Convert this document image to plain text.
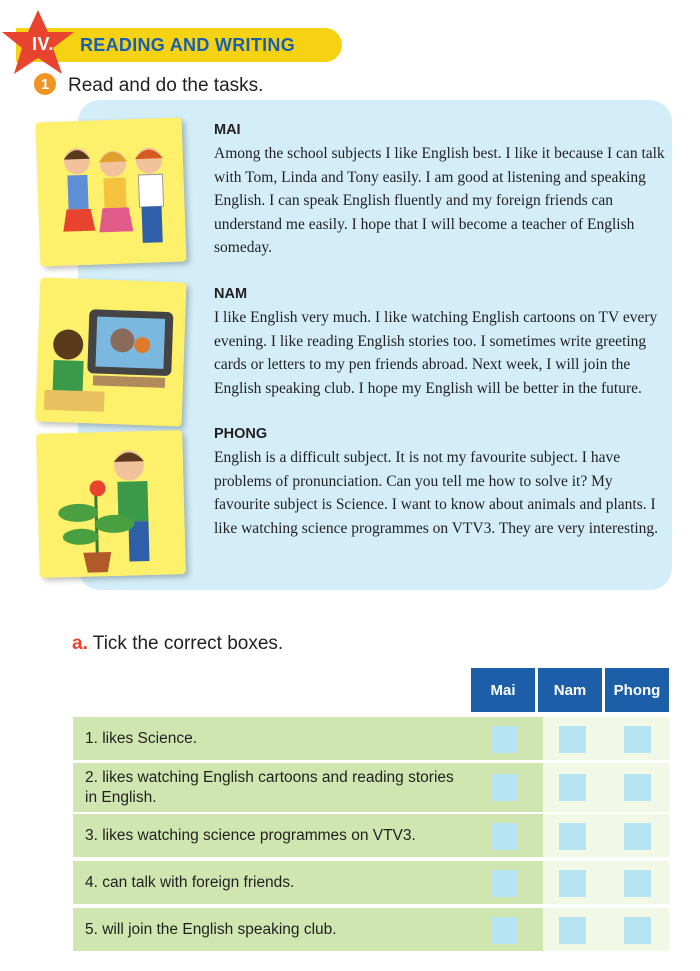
IV. READING AND WRITING
1 Read and do the tasks.
MAI
Among the school subjects I like English best. I like it because I can talk with Tom, Linda and Tony easily. I am good at listening and speaking English. I can speak English fluently and my foreign friends can understand me easily. I hope that I will become a teacher of English someday.
NAM
I like English very much. I like watching English cartoons on TV every evening. I like reading English stories too. I sometimes write greeting cards or letters to my pen friends abroad. Next week, I will join the English speaking club. I hope my English will be better in the future.
PHONG
English is a difficult subject. It is not my favourite subject. I have problems of pronunciation. Can you tell me how to solve it? My favourite subject is Science. I want to know about animals and plants. I like watching science programmes on VTV3. They are very interesting.
a. Tick the correct boxes.
Mai	Nam	Phong
1. likes Science.
2. likes watching English cartoons and reading stories in English.
3. likes watching science programmes on VTV3.
4. can talk with foreign friends.
5. will join the English speaking club.
